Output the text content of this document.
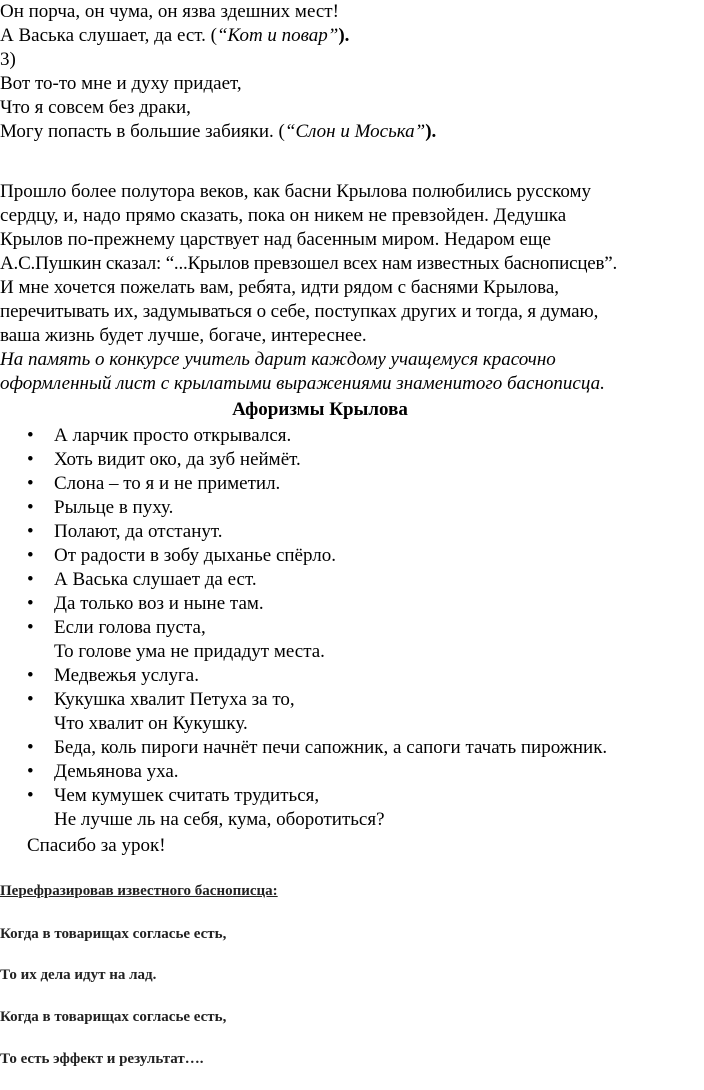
Он порча, он чума, он язва здешних мест!
А Васька слушает, да ест. (“Кот и повар”).
3)
Вот то-то мне и духу придает,
Что я совсем без драки,
Могу попасть в большие забияки. (“Слон и Моська”).
Прошло более полутора веков, как басни Крылова полюбились русскому
сердцу, и, надо прямо сказать, пока он никем не превзойден. Дедушка
Крылов по-прежнему царствует над басенным миром. Недаром еще
А.С.Пушкин сказал: “...Крылов превзошел всех нам известных баснописцев”.
И мне хочется пожелать вам, ребята, идти рядом с баснями Крылова,
перечитывать их, задумываться о себе, поступках других и тогда, я думаю,
ваша жизнь будет лучше, богаче, интереснее.
На память о конкурсе учитель дарит каждому учащемуся красочно
оформленный лист с крылатыми выражениями знаменитого баснописца.
Афоризмы Крылова
• А ларчик просто открывался.
• Хоть видит око, да зуб неймёт.
• Слона – то я и не приметил.
• Рыльце в пуху.
• Полают, да отстанут.
• От радости в зобу дыханье спёрло.
• А Васька слушает да ест.
• Да только воз и ныне там.
• Если голова пуста,
То голове ума не придадут места.
• Медвежья услуга.
• Кукушка хвалит Петуха за то,
Что хвалит он Кукушку.
• Беда, коль пироги начнёт печи сапожник, а сапоги тачать пирожник.
• Демьянова уха.
• Чем кумушек считать трудиться,
Не лучше ль на себя, кума, оборотиться?
Спасибо за урок!
Перефразировав известного баснописца:
Когда в товарищах согласье есть,
То их дела идут на лад.
Когда в товарищах согласье есть,
То есть эффект и результат….
